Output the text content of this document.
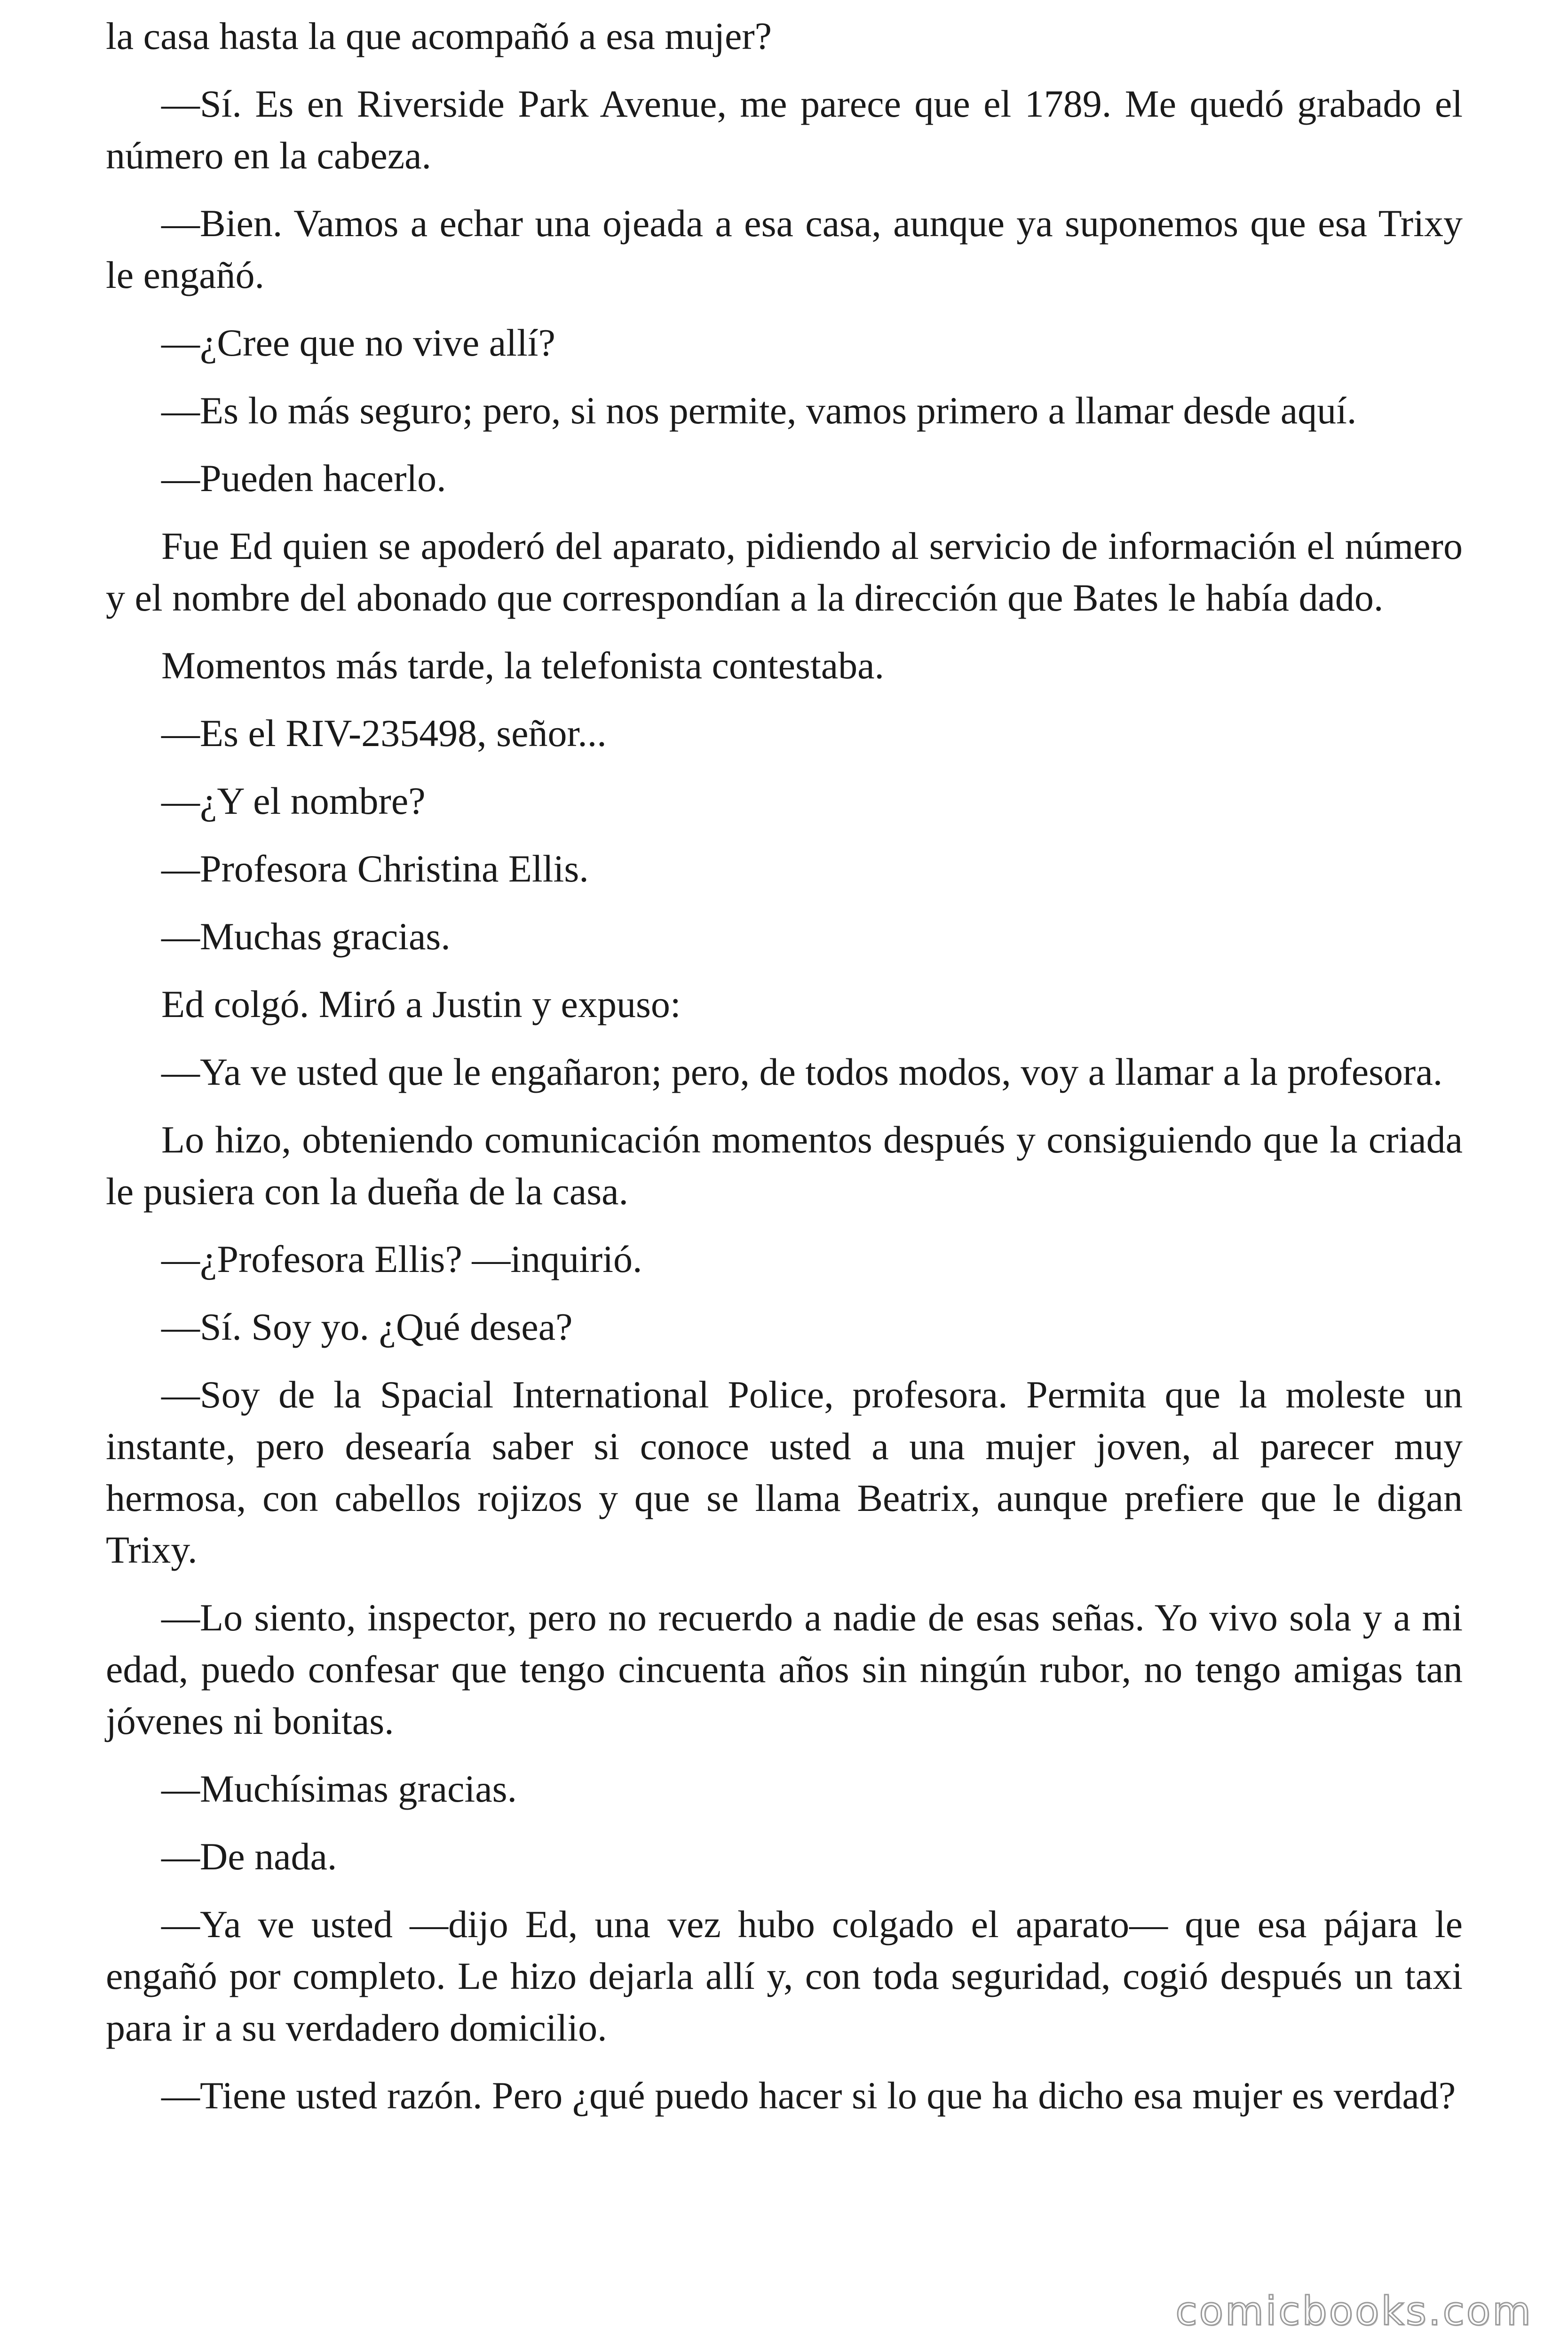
la casa hasta la que acompañó a esa mujer?

—Sí. Es en Riverside Park Avenue, me parece que el 1789. Me quedó grabado el número en la cabeza.

—Bien. Vamos a echar una ojeada a esa casa, aunque ya suponemos que esa Trixy le engañó.

—¿Cree que no vive allí?

—Es lo más seguro; pero, si nos permite, vamos primero a llamar desde aquí.

—Pueden hacerlo.

Fue Ed quien se apoderó del aparato, pidiendo al servicio de información el número y el nombre del abonado que correspondían a la dirección que Bates le había dado.

Momentos más tarde, la telefonista contestaba.

—Es el RIV-235498, señor...

—¿Y el nombre?

—Profesora Christina Ellis.

—Muchas gracias.

Ed colgó. Miró a Justin y expuso:

—Ya ve usted que le engañaron; pero, de todos modos, voy a llamar a la profesora.

Lo hizo, obteniendo comunicación momentos después y consiguiendo que la criada le pusiera con la dueña de la casa.

—¿Profesora Ellis? —inquirió.

—Sí. Soy yo. ¿Qué desea?

—Soy de la Spacial International Police, profesora. Permita que la moleste un instante, pero desearía saber si conoce usted a una mujer joven, al parecer muy hermosa, con cabellos rojizos y que se llama Beatrix, aunque prefiere que le digan Trixy.

—Lo siento, inspector, pero no recuerdo a nadie de esas señas. Yo vivo sola y a mi edad, puedo confesar que tengo cincuenta años sin ningún rubor, no tengo amigas tan jóvenes ni bonitas.

—Muchísimas gracias.

—De nada.

—Ya ve usted —dijo Ed, una vez hubo colgado el aparato— que esa pájara le engañó por completo. Le hizo dejarla allí y, con toda seguridad, cogió después un taxi para ir a su verdadero domicilio.

—Tiene usted razón. Pero ¿qué puedo hacer si lo que ha dicho esa mujer es verdad?

comicbooks.com
